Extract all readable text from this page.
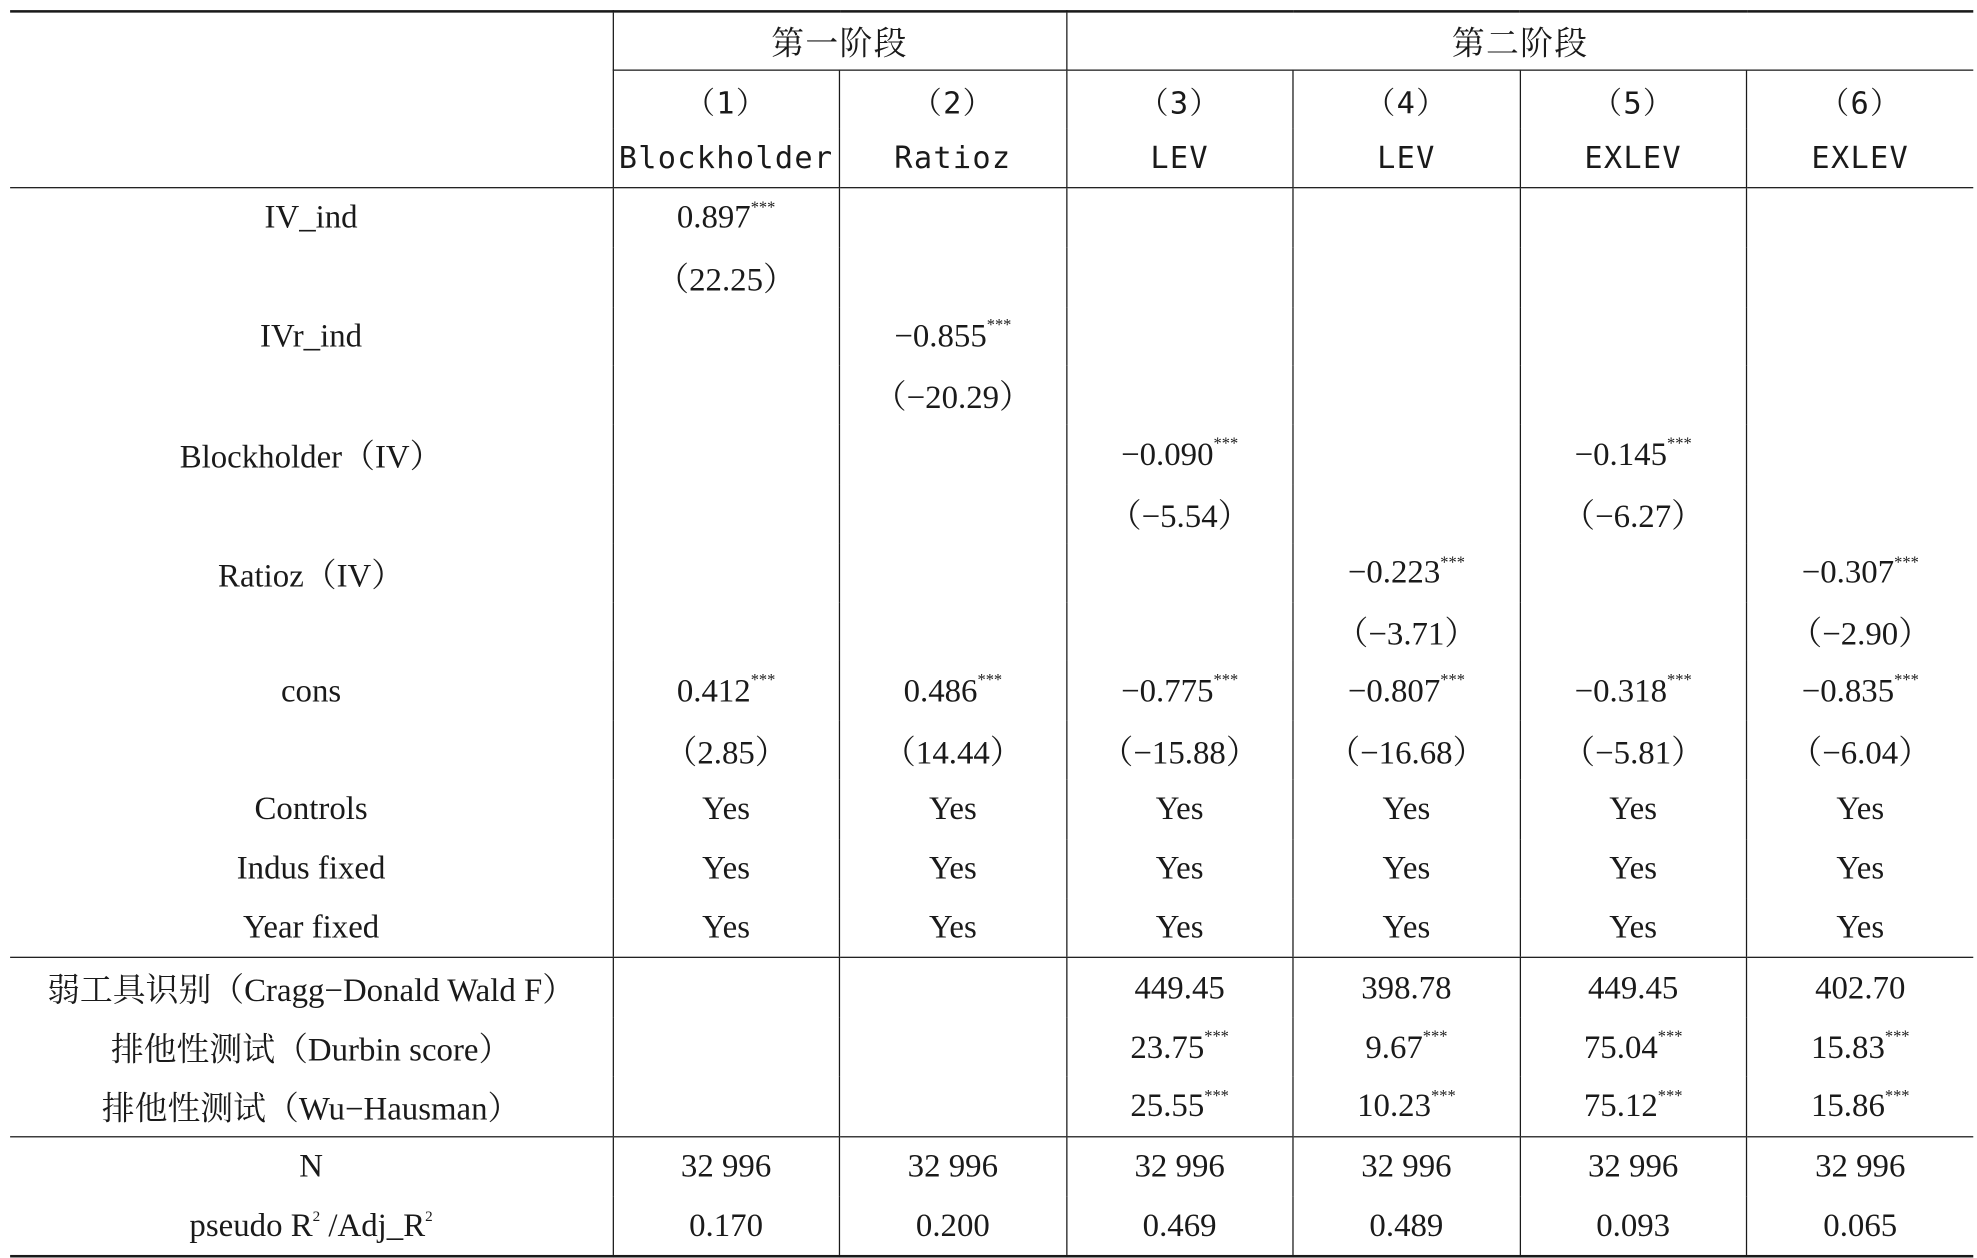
	第一阶段		第二阶段			
	（1）	（2）	（3）	（4）	（5）	（6）
	Blockholder	Ratioz	LEV	LEV	EXLEV	EXLEV
IV_ind	0.897***					
	（22.25）					
IVr_ind		−0.855***				
		（−20.29）				
Blockholder（IV）			−0.090***		−0.145***	
			（−5.54）		（−6.27）	
Ratioz（IV）				−0.223***		−0.307***
				（−3.71）		（−2.90）
cons	0.412***	0.486***	−0.775***	−0.807***	−0.318***	−0.835***
	（2.85）	（14.44）	（−15.88）	（−16.68）	（−5.81）	（−6.04）
Controls	Yes	Yes	Yes	Yes	Yes	Yes
Indus fixed	Yes	Yes	Yes	Yes	Yes	Yes
Year fixed	Yes	Yes	Yes	Yes	Yes	Yes
弱工具识别（Cragg−Donald Wald F）			449.45	398.78	449.45	402.70
排他性测试（Durbin score）			23.75***	9.67***	75.04***	15.83***
排他性测试（Wu−Hausman）			25.55***	10.23***	75.12***	15.86***
N	32 996	32 996	32 996	32 996	32 996	32 996
pseudo $R^2$ $/Adj\_R^2$	0.170	0.200	0.469	0.489	0.093	0.065
